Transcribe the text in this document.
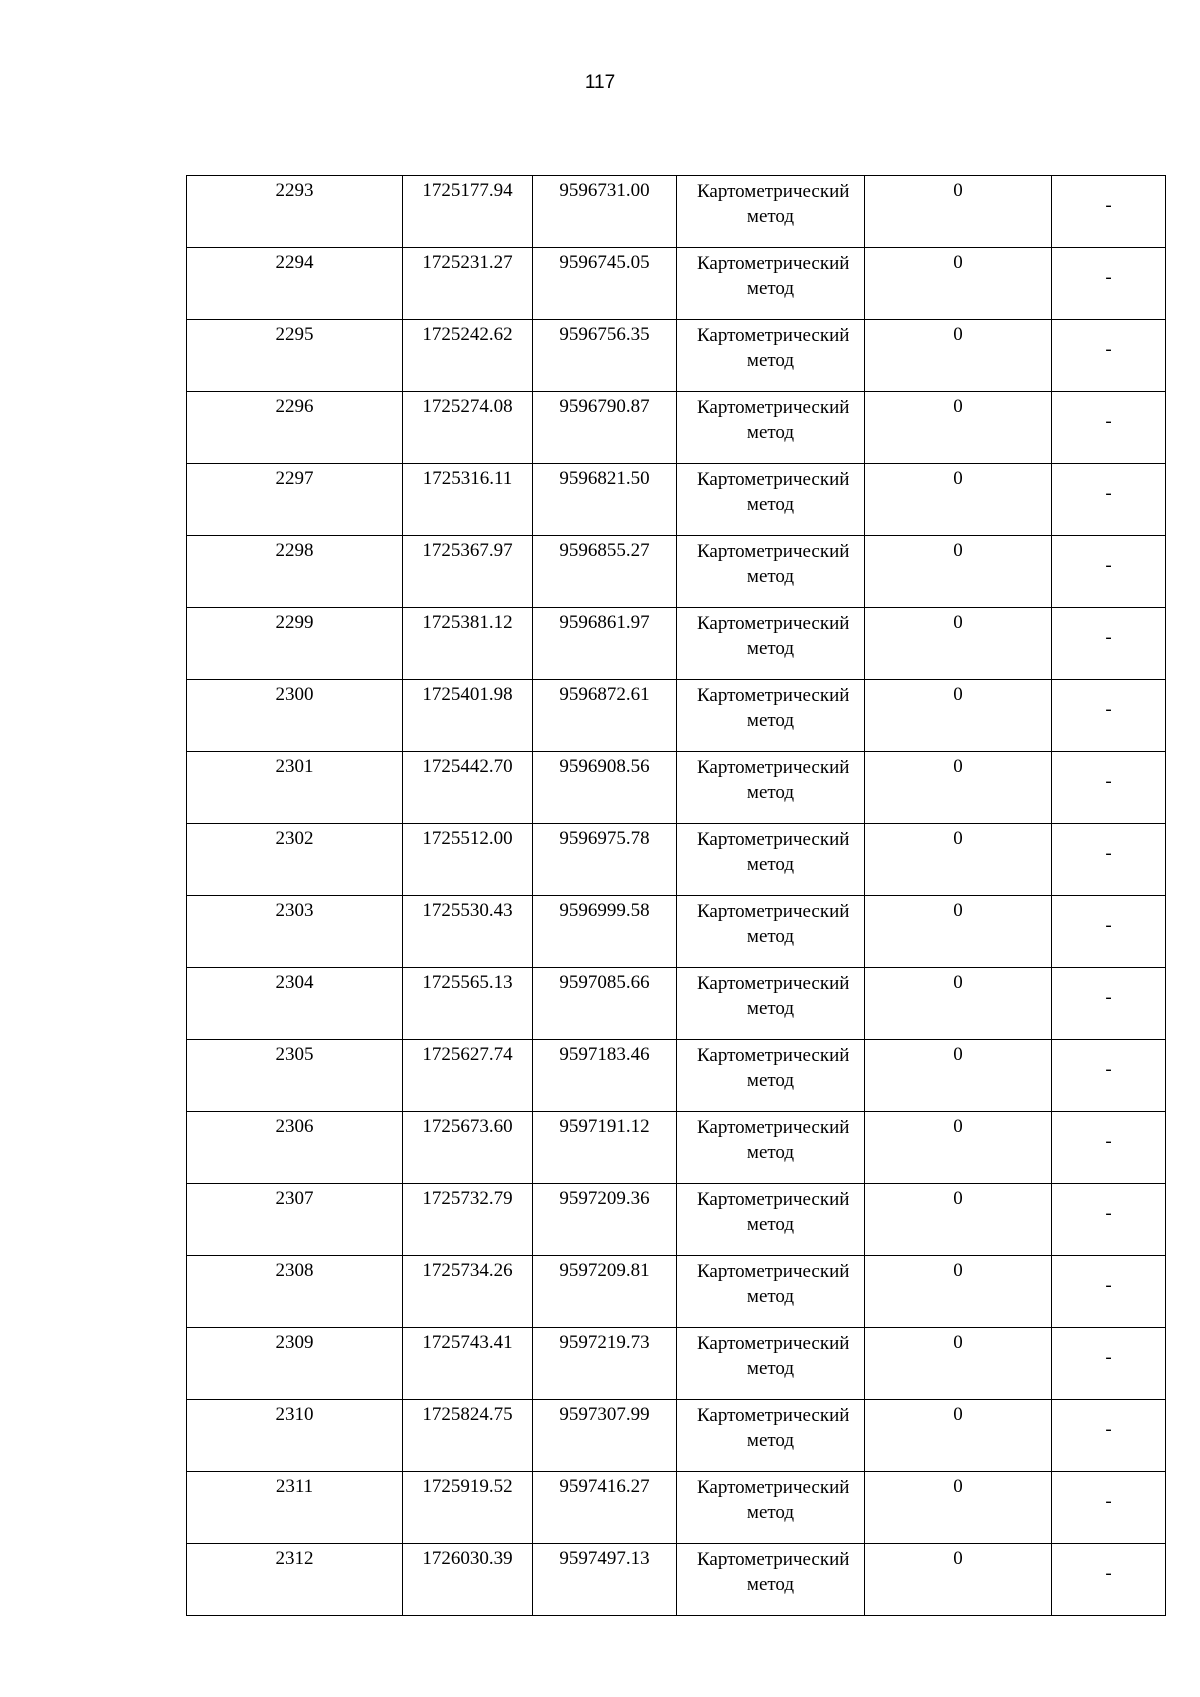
117
2293	1725177.94	9596731.00	Картометрический метод	0	-
2294	1725231.27	9596745.05	Картометрический метод	0	-
2295	1725242.62	9596756.35	Картометрический метод	0	-
2296	1725274.08	9596790.87	Картометрический метод	0	-
2297	1725316.11	9596821.50	Картометрический метод	0	-
2298	1725367.97	9596855.27	Картометрический метод	0	-
2299	1725381.12	9596861.97	Картометрический метод	0	-
2300	1725401.98	9596872.61	Картометрический метод	0	-
2301	1725442.70	9596908.56	Картометрический метод	0	-
2302	1725512.00	9596975.78	Картометрический метод	0	-
2303	1725530.43	9596999.58	Картометрический метод	0	-
2304	1725565.13	9597085.66	Картометрический метод	0	-
2305	1725627.74	9597183.46	Картометрический метод	0	-
2306	1725673.60	9597191.12	Картометрический метод	0	-
2307	1725732.79	9597209.36	Картометрический метод	0	-
2308	1725734.26	9597209.81	Картометрический метод	0	-
2309	1725743.41	9597219.73	Картометрический метод	0	-
2310	1725824.75	9597307.99	Картометрический метод	0	-
2311	1725919.52	9597416.27	Картометрический метод	0	-
2312	1726030.39	9597497.13	Картометрический метод	0	-
